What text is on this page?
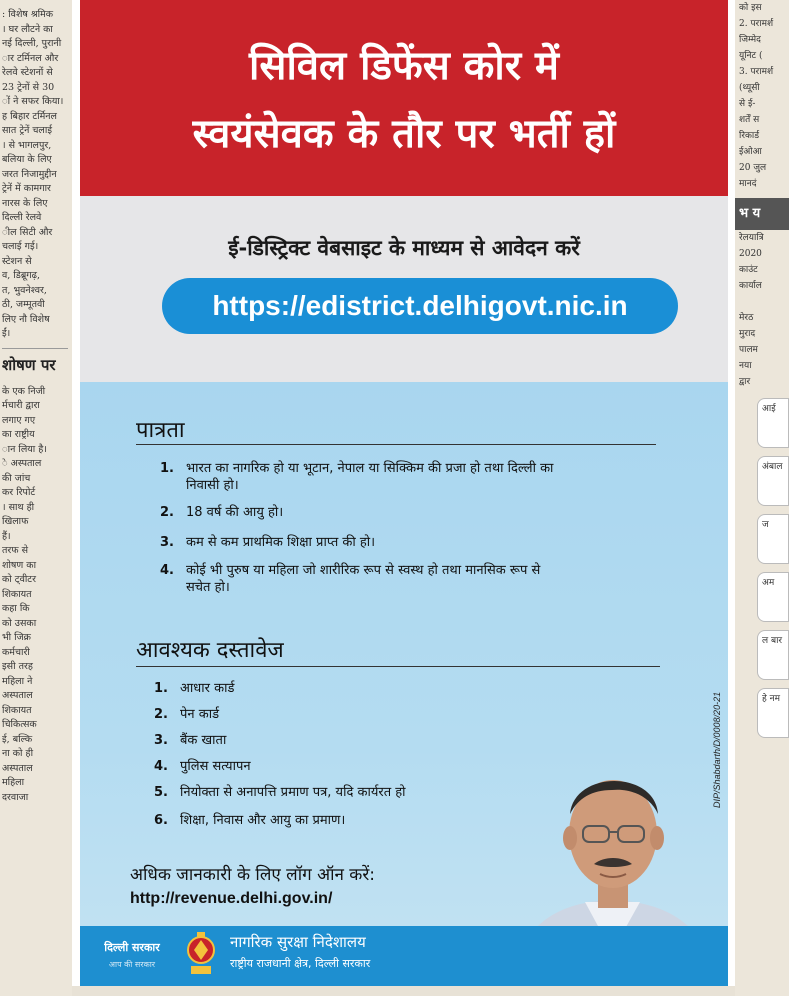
: विशेष श्रमिक
। घर लौटने का
नई दिल्ली, पुरानी
ार टर्मिनल और
रेलवे स्टेशनों से
23 ट्रेनों से 30
ों ने सफर किया।
ह बिहार टर्मिनल
सात ट्रेनें चलाई
। से भागलपुर,
बलिया के लिए
जरत निजामुद्दीन
ट्रेनें में कामगार
नारस के लिए
दिल्ली रेलवे
ील सिटी और
चलाई गई।
स्टेशन से
व, डिब्रूगढ़,
त, भुवनेश्वर,
ठी, जम्मूतवी
लिए नौ विशेष
ईं।
शोषण पर
के एक निजी
र्मचारी द्वारा
लगाए गए
का राष्ट्रीय
ान लिया है।
े अस्पताल
की जांच
कर रिपोर्ट
। साथ ही
खिलाफ
हैं।
तरफ से
शोषण का
को ट्वीटर
शिकायत
कहा कि
को उसका
भी जिक्र
कर्मचारी
इसी तरह
महिला ने
अस्पताल
शिकायत
चिकित्सक
ई, बल्कि
ना को ही
अस्पताल
महिला
दरवाजा
को इस
2. परामर्श
जिम्मेद
यूनिट (
3. परामर्श
(थ्यूसी
से ई-
शर्तें स
रिकार्ड
ईओआ
20 जुल
मानदं
भ य
रेलयात्रि
2020
काउंट
कार्याल
मेरठ
मुराद
पालम
नया
द्वार
आई
अंबाल
ज
अम
ल बार
हे नम
सिविल डिफेंस कोर में
स्वयंसेवक के तौर पर भर्ती हों
ई-डिस्ट्रिक्ट वेबसाइट के माध्यम से आवेदन करें
https://edistrict.delhigovt.nic.in
पात्रता
1. भारत का नागरिक हो या भूटान, नेपाल या सिक्किम की प्रजा हो तथा दिल्ली का निवासी हो।
2. 18 वर्ष की आयु हो।
3. कम से कम प्राथमिक शिक्षा प्राप्त की हो।
4. कोई भी पुरुष या महिला जो शारीरिक रूप से स्वस्थ हो तथा मानसिक रूप से सचेत हो।
आवश्यक दस्तावेज
1. आधार कार्ड
2. पेन कार्ड
3. बैंक खाता
4. पुलिस सत्यापन
5. नियोक्ता से अनापत्ति प्रमाण पत्र, यदि कार्यरत हो
6. शिक्षा, निवास और आयु का प्रमाण।
अधिक जानकारी के लिए लॉग ऑन करें:
http://revenue.delhi.gov.in/
DIP/Shabdarth/D/0008/20-21
दिल्ली सरकार
आप की सरकार
नागरिक सुरक्षा निदेशालय
राष्ट्रीय राजधानी क्षेत्र, दिल्ली सरकार
